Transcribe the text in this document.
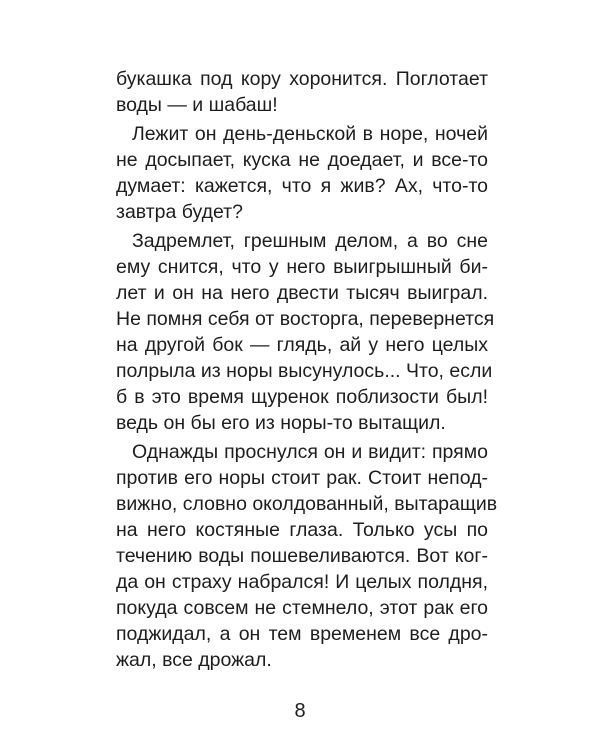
букашка под кору хоронится. Поглотает
воды — и шабаш!
Лежит он день-деньской в норе, ночей
не досыпает, куска не доедает, и все-то
думает: кажется, что я жив? Ах, что-то
завтра будет?
Задремлет, грешным делом, а во сне
ему снится, что у него выигрышный би-
лет и он на него двести тысяч выиграл.
Не помня себя от восторга, перевернется
на другой бок — глядь, ай у него целых
полрыла из норы высунулось... Что, если
б в это время щуренок поблизости был!
ведь он бы его из норы-то вытащил.
Однажды проснулся он и видит: прямо
против его норы стоит рак. Стоит непод-
вижно, словно околдованный, вытаращив
на него костяные глаза. Только усы по
течению воды пошевеливаются. Вот ког-
да он страху набрался! И целых полдня,
покуда совсем не стемнело, этот рак его
поджидал, а он тем временем все дро-
жал, все дрожал.
8
